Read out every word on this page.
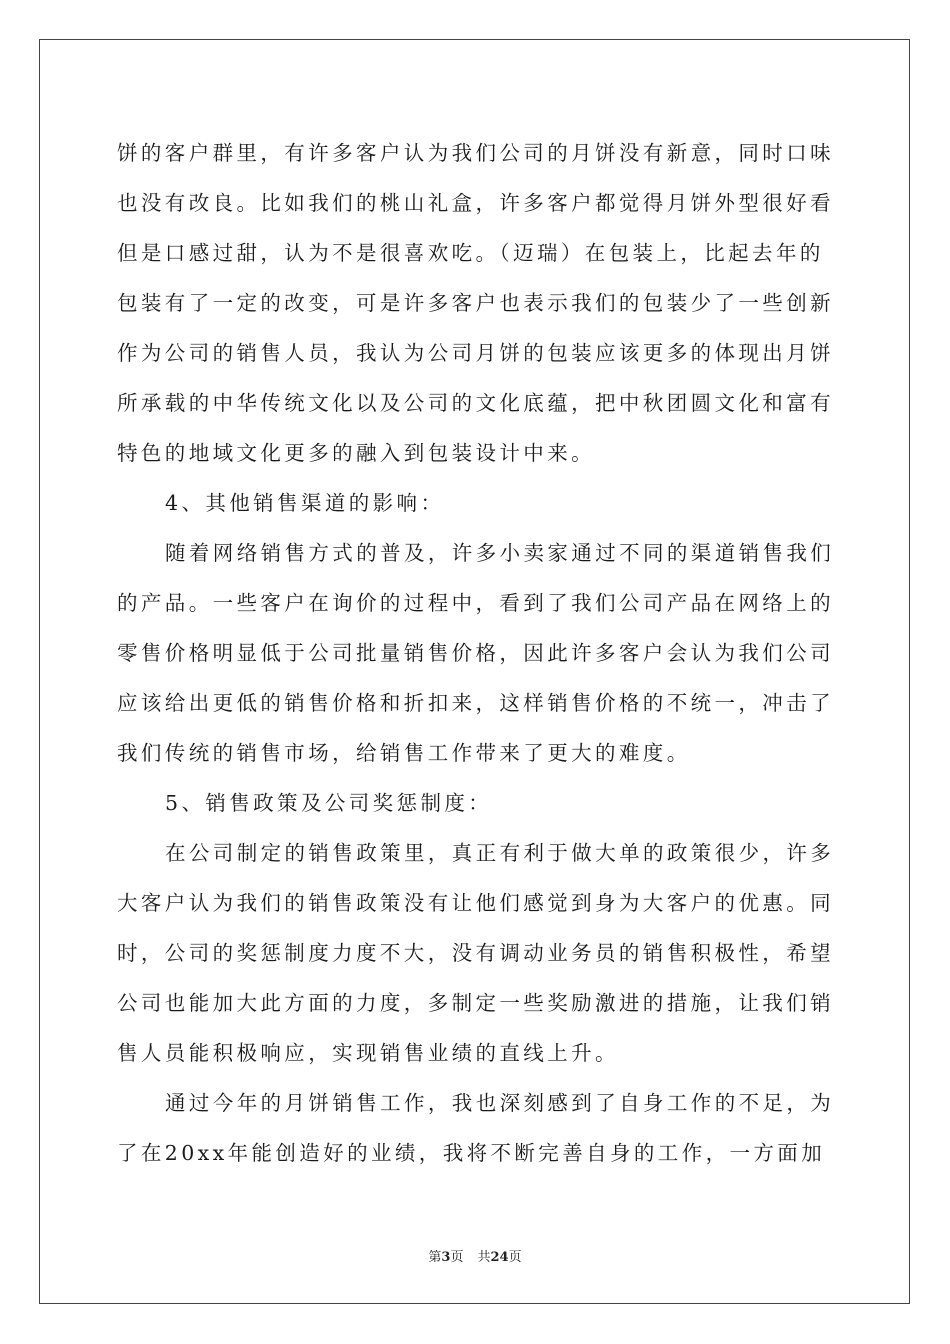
饼的客户群里，有许多客户认为我们公司的月饼没有新意，同时口味
也没有改良。比如我们的桃山礼盒，许多客户都觉得月饼外型很好看
但是口感过甜，认为不是很喜欢吃。（迈瑞）在包装上，比起去年的
包装有了一定的改变，可是许多客户也表示我们的包装少了一些创新
作为公司的销售人员，我认为公司月饼的包装应该更多的体现出月饼
所承载的中华传统文化以及公司的文化底蕴，把中秋团圆文化和富有
特色的地域文化更多的融入到包装设计中来。
4、其他销售渠道的影响：
随着网络销售方式的普及，许多小卖家通过不同的渠道销售我们
的产品。一些客户在询价的过程中，看到了我们公司产品在网络上的
零售价格明显低于公司批量销售价格，因此许多客户会认为我们公司
应该给出更低的销售价格和折扣来，这样销售价格的不统一，冲击了
我们传统的销售市场，给销售工作带来了更大的难度。
5、销售政策及公司奖惩制度：
在公司制定的销售政策里，真正有利于做大单的政策很少，许多
大客户认为我们的销售政策没有让他们感觉到身为大客户的优惠。同
时，公司的奖惩制度力度不大，没有调动业务员的销售积极性，希望
公司也能加大此方面的力度，多制定一些奖励激进的措施，让我们销
售人员能积极响应，实现销售业绩的直线上升。
通过今年的月饼销售工作，我也深刻感到了自身工作的不足，为
了在20xx年能创造好的业绩，我将不断完善自身的工作，一方面加
第3页 共24页
